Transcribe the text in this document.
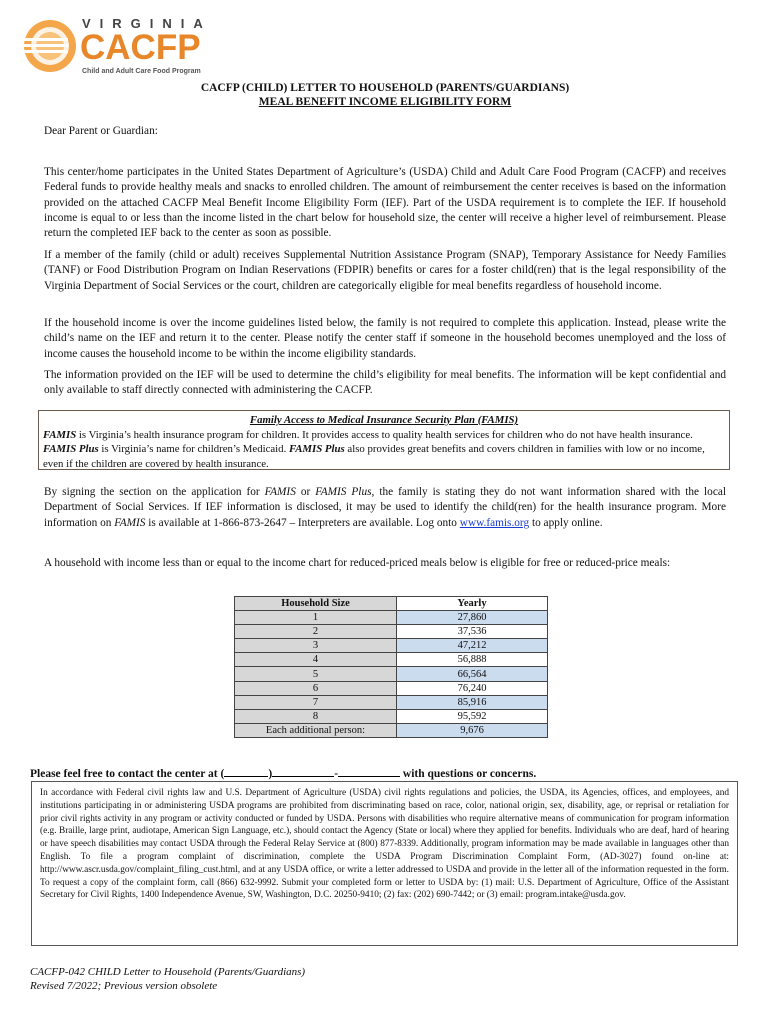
VIRGINIA
CACFP
Child and Adult Care Food Program
CACFP (CHILD) LETTER TO HOUSEHOLD (PARENTS/GUARDIANS)
MEAL BENEFIT INCOME ELIGIBILITY FORM

Dear Parent or Guardian:

This center/home participates in the United States Department of Agriculture’s (USDA) Child and Adult Care Food Program (CACFP) and receives Federal funds to provide healthy meals and snacks to enrolled children. The amount of reimbursement the center receives is based on the information provided on the attached CACFP Meal Benefit Income Eligibility Form (IEF). Part of the USDA requirement is to complete the IEF. If household income is equal to or less than the income listed in the chart below for household size, the center will receive a higher level of reimbursement. Please return the completed IEF back to the center as soon as possible.

If a member of the family (child or adult) receives Supplemental Nutrition Assistance Program (SNAP), Temporary Assistance for Needy Families (TANF) or Food Distribution Program on Indian Reservations (FDPIR) benefits or cares for a foster child(ren) that is the legal responsibility of the Virginia Department of Social Services or the court, children are categorically eligible for meal benefits regardless of household income.

If the household income is over the income guidelines listed below, the family is not required to complete this application. Instead, please write the child’s name on the IEF and return it to the center. Please notify the center staff if someone in the household becomes unemployed and the loss of income causes the household income to be within the income eligibility standards.

The information provided on the IEF will be used to determine the child’s eligibility for meal benefits. The information will be kept confidential and only available to staff directly connected with administering the CACFP.

Family Access to Medical Insurance Security Plan (FAMIS)
FAMIS is Virginia’s health insurance program for children. It provides access to quality health services for children who do not have health insurance. FAMIS Plus is Virginia’s name for children’s Medicaid. FAMIS Plus also provides great benefits and covers children in families with low or no income, even if the children are covered by health insurance.

By signing the section on the application for FAMIS or FAMIS Plus, the family is stating they do not want information shared with the local Department of Social Services. If IEF information is disclosed, it may be used to identify the child(ren) for the health insurance program. More information on FAMIS is available at 1-866-873-2647 – Interpreters are available. Log onto www.famis.org to apply online.

A household with income less than or equal to the income chart for reduced-priced meals below is eligible for free or reduced-price meals:

Household Size	Yearly
1	27,860
2	37,536
3	47,212
4	56,888
5	66,564
6	76,240
7	85,916
8	95,592
Each additional person:	9,676
Please feel free to contact the center at (	)	-	with questions or concerns.
In accordance with Federal civil rights law and U.S. Department of Agriculture (USDA) civil rights regulations and policies, the USDA, its Agencies, offices, and employees, and institutions participating in or administering USDA programs are prohibited from discriminating based on race, color, national origin, sex, disability, age, or reprisal or retaliation for prior civil rights activity in any program or activity conducted or funded by USDA. Persons with disabilities who require alternative means of communication for program information (e.g. Braille, large print, audiotape, American Sign Language, etc.), should contact the Agency (State or local) where they applied for benefits. Individuals who are deaf, hard of hearing or have speech disabilities may contact USDA through the Federal Relay Service at (800) 877-8339. Additionally, program information may be made available in languages other than English. To file a program complaint of discrimination, complete the USDA Program Discrimination Complaint Form, (AD-3027) found on-line at: http://www.ascr.usda.gov/complaint_filing_cust.html, and at any USDA office, or write a letter addressed to USDA and provide in the letter all of the information requested in the form. To request a copy of the complaint form, call (866) 632-9992. Submit your completed form or letter to USDA by: (1) mail: U.S. Department of Agriculture, Office of the Assistant Secretary for Civil Rights, 1400 Independence Avenue, SW, Washington, D.C. 20250-9410; (2) fax: (202) 690-7442; or (3) email: program.intake@usda.gov.
CACFP-042 CHILD Letter to Household (Parents/Guardians)
Revised 7/2022; Previous version obsolete
